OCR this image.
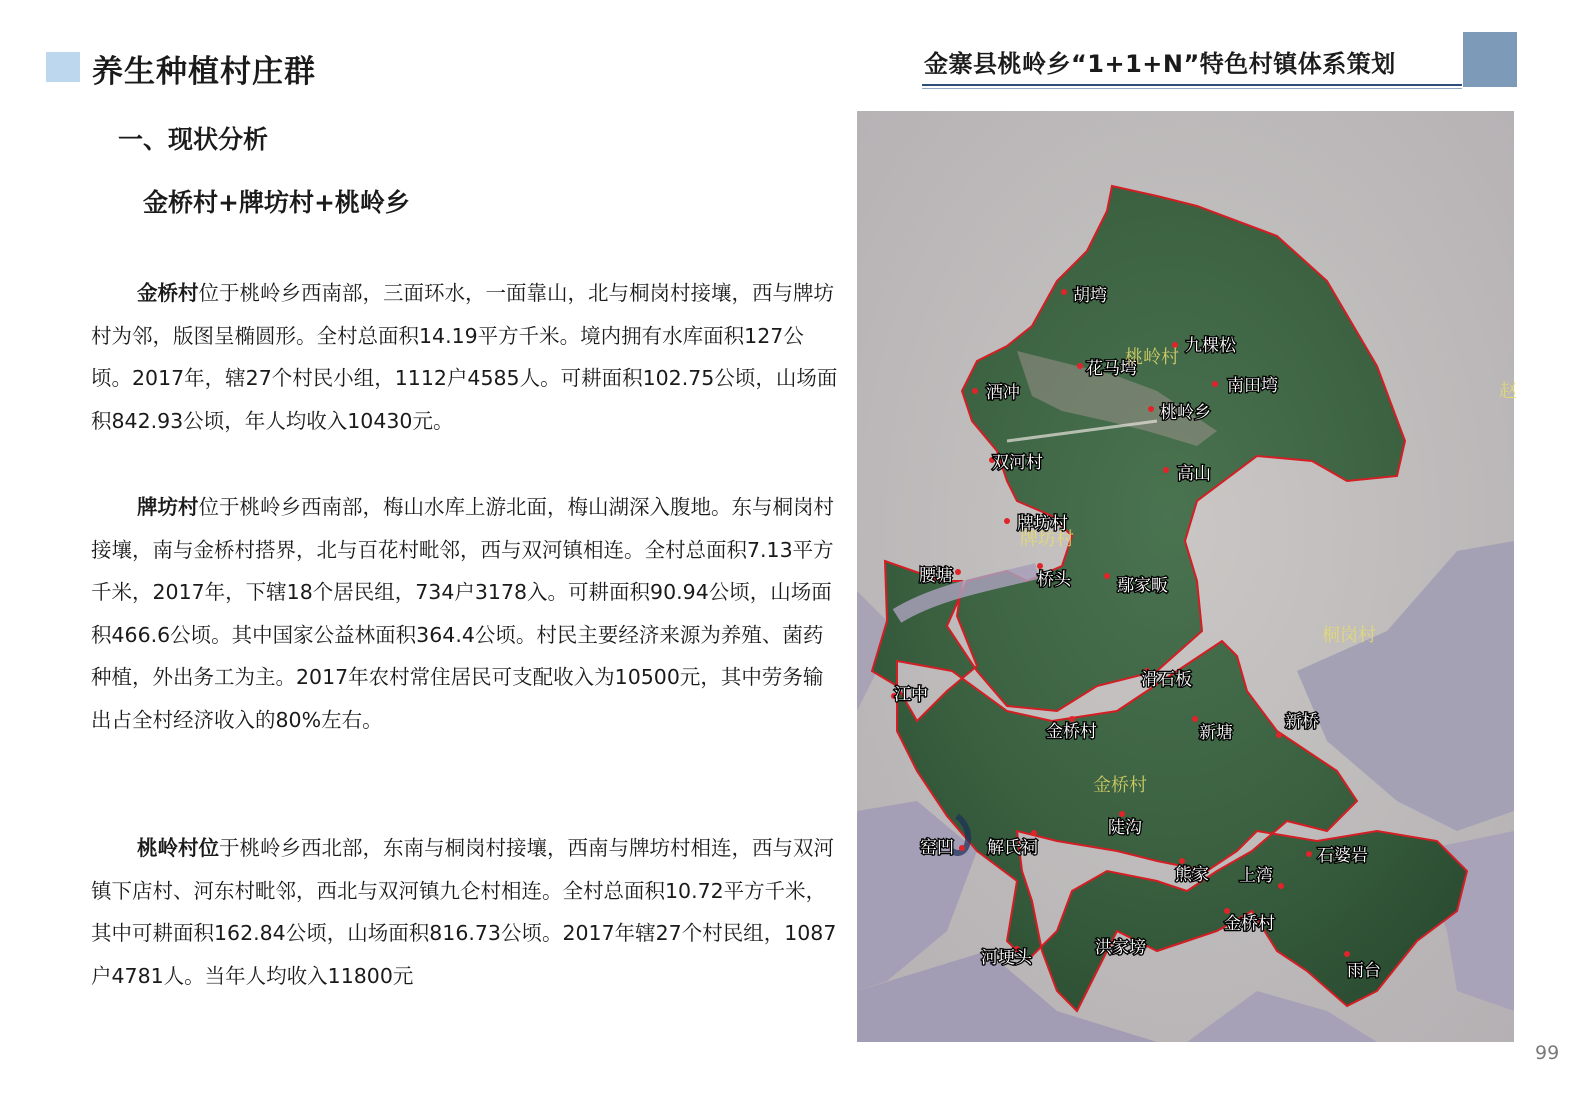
养生种植村庄群	金寨县桃岭乡“1+1+N”特色村镇体系策划
一、现状分析
金桥村+牌坊村+桃岭乡
金桥村位于桃岭乡西南部，三面环水，一面靠山，北与桐岗村接壤，西与牌坊村为邻，版图呈椭圆形。全村总面积14.19平方千米。境内拥有水库面积127公顷。2017年，辖27个村民小组，1112户4585人。可耕面积102.75公顷，山场面积842.93公顷，年人均收入10430元。
牌坊村位于桃岭乡西南部，梅山水库上游北面，梅山湖深入腹地。东与桐岗村接壤，南与金桥村搭界，北与百花村毗邻，西与双河镇相连。全村总面积7.13平方千米，2017年，下辖18个居民组，734户3178入。可耕面积90.94公顷，山场面积466.6公顷。其中国家公益林面积364.4公顷。村民主要经济来源为养殖、菌药种植，外出务工为主。2017年农村常住居民可支配收入为10500元，其中劳务输出占全村经济收入的80%左右。
桃岭村位于桃岭乡西北部，东南与桐岗村接壤，西南与牌坊村相连，西与双河镇下店村、河东村毗邻，西北与双河镇九仑村相连。全村总面积10.72平方千米，其中可耕面积162.84公顷，山场面积816.73公顷。2017年辖27个村民组，1087户4781人。当年人均收入11800元
胡塆
九棵松
花马塆
南田塆
酒冲
桃岭乡
双河村
高山
牌坊村
腰塘	桥头	鄢家畈
滑石板
江中
金桥村	新塘
新桥
窑凹 解氏祠
陡沟
石婆岩
熊家 上湾
金桥村
河埂头	洪家塝
雨台
桃岭村
牌坊村
桐岗村
金桥村
赵
99
